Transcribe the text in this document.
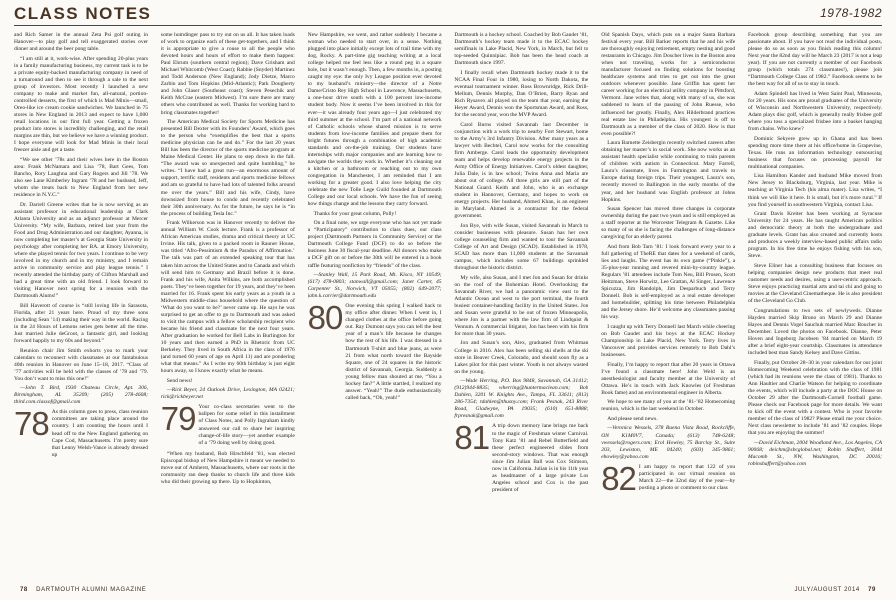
CLASS NOTES	1978-1982

and Rich Samer in the annual Zeta Psi golf outing in Hanover—to play golf and tell exaggerated stories over dinner and around the beer pong table.

“I am still at it, work-wise. After spending 20-plus years in a family manufacturing business, my current task is to be a private equity-backed manufacturing company in need of a turnaround and then to see it through a sale to the next group of investors. Most recently I launched a new company to make and market fun, all-natural, portion-controlled desserts, the first of which is Mad Minis—small, Oreo-like ice cream cookie sandwiches. We launched in 75 stores in New England in 2013 and expect to have 1,000 retail locations in our first full year. Getting a frozen product into stores is incredibly challenging, and the retail margins are thin, but we believe we have a winning product. I hope everyone will look for Mad Minis in their local freezer aisle and get a taste.

“We see other ’78s and their wives here in the Boston area: Frank McNamara and Lisa ’78, Bart Gees, Tom Bancho, Rory Laughna and Gary Rogers and Jill ’78. We also see Lane Kimberley Ingram ’78 and her husband, Jeff, whom she treats back to New England from her new residence in N.Y.C.”

Dr. Darrell Greene writes that he is now serving as an assistant professor in educational leadership at Clark Atlanta University and as an adjunct professor at Mercer University. “My wife, Barbara, retired last year from the Food and Drug Administration and our daughter, Ayanna, is now completing her master’s at Georgia State University in psychology after completing her BA. at Emory University, where she played tennis for two years. I continue to be very involved in my church and in my ministry, and I remain active in community service and play league tennis.” I recently attended the birthday party of Clifton Marshall and had a great time with an old friend. I look forward to visiting Hanover next spring for a reunion with the Dartmouth Alums!”

Bill Haverott of course is “still loving life in Sarasota, Florida, after 21 years here. Proud of my three sons (including Sean ’14) making their way in the world. Racing in the 24 Hours of Lemons series gets better all the time. Just married Julie deGroot, a fantastic girl, and looking forward happily to my 60s and beyond.”

Reunion chair Jim Smith exhorts you to mark your calendars to reconnect with classmates at our fantabulous 40th reunion in Hanover on June 15–18, 2017. “Class of ’77 activities will be held with the classes of ’78 and ’79. You don’t want to miss this one!”

—John T. Bird, 1930 Chateau Circle, Apt. 306, Birmingham, AL 35209; (205) 278-4608; tbird.com.classof@gmail.com

78 As this column goes to press, class reunion committees are taking place around the country. I am counting the hours until I head off to the New England gathering on Cape Cod, Massachusetts. I’m pretty sure that Lenny Welsh-Vance is already dressed up

some humdinger pass to try out on us all. It has taken loads of work to organize each of these get-togethers, and I think it is appropriate to give a rouse to all the people who devoted hours and hours of effort to make them happen: Paul Ehrum (southern central region); Dave Grisham and Michael Whitcomb (West Coast); Rabbie (Snyder) Martinez and Todd Anderson (New England); Jody Dietze, Marco Zarbin and Tom Hopkins (Mid-Atlantic); Park Dougherty and John Glaser (Southeast coast); Steven Pesechik and Keith McCrae (eastern Midwest). I’m sure there are many others who contributed as well. Thanks for working hard to bring classmates together!

The American Medical Society for Sports Medicine has presented Bill Dexter with its Founders’ Award, which goes to the person who “exemplifies the best that a sports medicine physician can be and do.” For the last 20 years Bill has been the director of the sports medicine program at Maine Medical Center. He plans to step down in the fall. “The award was so unexpected and quite humbling,” he writes. “I have had a great run—an enormous amount of support, terrific staff, residents and sports medicine fellows and am so grateful to have had lots of talented folks around me over the years.” Bill and his wife, Cindy, have downsized from house to condo and recently celebrated their 30th anniversary. As for the future, he says he is “in the process of building Tesla Inc.”

Frank Wilkerson was in Hanover recently to deliver the annual William W. Cook lecture. Frank is a professor of African American studies, drama and critical theory at UC Irvine. His talk, given to a packed room in Rauner House, was titled ‘Afro-Pessimism & the Paradox of Affirmation.’ The talk was part of an extended speaking tour that has taken him across the United States and to Canada and which will send him to Germany and Brazil before it is done. Frank and his wife, Anita Wilkins, are both accomplished poets. They’ve been together for 19 years, and they’ve been married for 16. Frank spent his early years as a youth in a Midwestern middle-class household where the question of ‘What do you want to be?’ never came up. He says he was surprised to get an offer to go to Dartmouth and was asked to visit the campus with a fellow scholarship recipient who became his friend and classmate for the next four years. After graduation he worked for Bell Labs in Burlington for 10 years and then earned a PhD in Rhetoric from UC Berkeley. They lived in South Africa in the class of 1976 (and turned 60 years of age on April 11) and are pondering what that means.” As I write my 60th birthday is just eight hours away, so I know exactly what he means.

Send news!

—Rick Beyer, 24 Outlook Drive, Lexington, MA 02421; rick@rickbeyer.net

79 Your co-class secretaries went to the ballpen for some relief in this installment of Class Notes, and Polly Ingraham kindly answered our call to share her inspiring change-of-life story—yet another example of a ’79 doing well by doing good.

“When my husband, Rob Hirschfeld ’81, was elected Episcopal bishop of New Hampshire it meant we needed to move out of Amherst, Massachusetts, where our roots in the community ran deep thanks to church life and three kids who did their growing up there. Up to Hopkinton,

New Hampshire, we went, and rather suddenly I became a woman who needed to start over, in a sense. Nothing plugged into place initially except lots of trail time with my dog, Rocky. A part-time gig teaching writing at a local college helped me feel less like a round peg in a square hole, but it wasn’t enough. Then, a few months in, a posting caught my eye: the only Ivy League position ever devoted to my husband’s ministry—the director of a Notre Dame/Cristo Rey High School in Lawrence, Massachusetts, a one-hour drive south with a 100 percent low-income student body. Now it seems I’ve been involved in this for ever—it was already four years ago—I just celebrated my third summer at the school. I’m part of a national network of Catholic schools whose shared mission is to serve students from low-income families and prepare them for bright futures through a combination of high academic standards and on-the-job training. Our students have internships with major companies and are learning how to navigate the worlds they work in. Whether it’s cleaning out a kitchen or a bathroom or reaching out to my own congregation in Manchester, I am reminded that I am working for a greater good. I also love helping the city celebrate the new Tolle Lege Guild founded at Dartmouth College and our local schools. We have the fun of seeing how things change and the lessons they carry forward.

Thanks for your great column, Polly!

On a final note, we urge everyone who has not yet made a “Participatory” contribution to class dues, our class project (Dartmouth Partners in Community Service) or the Dartmouth College Fund (DCF) to do so before the business June 30 fiscal-year deadline. All donors who make a DCF gift on or before the 30th will be entered in a book raffle featuring nonfiction by “friends” of the class.

—Stanley Wall, 15 Park Road, Mt. Kisco, NY 10549; (617) 478-0803; stanwall@gmail.com; Janet Carter, 45 Carpenter St., Norwich, VT 05055; (802) 649-2077; jahn.k.carrier@dartmouth.edu

80 One evening this spring I walked back to my office after dinner. When I went in, I changed clothes at the office before going out. Ray Dumont says you can tell the best year of a man’s life because he changes how the rest of his life. I was dressed in a Dartmouth T-shirt and blue jeans, as were 21 from what north toward the Bayside Square, one of 24 squares in the historic district of Savannah, Georgia. Suddenly a young fellow man shouted at me, “You a hockey fan?” A little startled, I realized my answer. “Yeah!” The dude enthusiastically called back, “Oh, yeah!”

Dartmouth is a hockey school. Coached by Bob Gaudet ’81, Dartmouth’s hockey team made it to the ECAC hockey semifinals in Lake Placid, New York, in March, but fell to top-seeded Quinnipiac. Bob has been the head coach at Dartmouth since 1997.

I finally recall when Dartmouth hockey made it to the NCAA Final Four in 1980, losing to North Dakota, the eventual tournament winner. Ross Brownridge, Rick Drill-Mellum, Dennis Murphy, Dan O’Brien, Barry Ryan and Rich Rysavex all played on the team that year, earning the Heyer Award, Dennis won the Sportsman Award, and Ross, for the second year, won the MVP Award.

Carol Burns visited Savannah last December in conjunction with a work trip to nearby Fort Stewart, home to the Army’s 3rd Infantry Division. After many years as a lawyer with Bechtel, Carol now works for the consulting firm Amberge. Carol leads the opportunity development team and helps develop renewable energy projects in the Army Office of Energy Initiatives. Carol’s oldest daughter, Julia Dale, is in law school; Twins Anna and Maria are about out of college. All three girls are still part of the National Guard. Keith and John, who is an exchange student in Hannover, Germany, and hopes to work on energy projects. Her husband, Ahmed Khan, is an engineer in Maryland. Ahmed is a contractor for the federal government.

Jon Bye, with wife Susan, visited Savannah in March to consider businesses with pleasure. Susan has her own college counseling firm and wanted to tour the Savannah College of Art and Design (SCAD). Established in 1978, SCAD has more than 11,000 students at the Savannah campus, which includes some 67 buildings sprinkled throughout the historic district.

My wife, also Susan, and I met Jon and Susan for drinks on the roof of the Bohemian Hotel. Overlooking the Savannah River, we had a panoramic view east to the Atlantic Ocean and west to the port terminal, the fourth busiest container-handling facility in the United States. Jon and Susan were grateful to be out of frozen Minneapolis, where Jon is a partner with the law firm of Lindquist & Vennum. A commercial litigator, Jon has been with his firm for more than 30 years.

Jon and Susan’s son, Alex, graduated from Whitman College in 2016. Alex has been selling ski shells at the ski store in Beaver Creek, Colorado, and should soon fly as a Lakes pilot for this past winter. Youth is not always wasted on the young.

—Wade Herring, P.O. Box 9848, Savannah, GA 31412; (912)944-8835; wherring@huntermaclean.com; Bob Dahlen, 3201 W. Knights Ave., Tampa, FL 33611; (813) 286-7354; rdahlen@thusny.com; Frank Pesnak, 243 River Road, Gladwyne, PA 19035; (610) 651-8888; frpresnak@gmail.com

81 A trip down memory lane brings me back to the magic of Freshman winter Carnival. Tony Katz ’81 and Rebel Butterfield and these perfect engineered slides from second-story windows. That was enough since Jim Julian Ball was Cox Stimson, now in California. Julian is in his 11th year as headmaster of a large private Los Angeles school and Cox is the past president of

Old Spanish Days, which puts on a major Santa Barbara festival every year. Bill Barker reports that he and his wife are thoroughly enjoying retirement, empty nesting and good restaurants in Chicago. Jim Doscher lives in the Boston area when not traveling, works for a semiconductor manufacturer focused on finding solutions for boosting healthcare systems and tries to get out into the great outdoors whenever possible. Jane Griffin has spent her career working for an electrical utility company in Pittsford, Vermont. Jane writes that, along with many of us, she was saddened to learn of the passing of John Ruesse, who influenced her greatly. Finally, Alex Hilderbrand practices real estate law in Philadelphia. His youngest is off to Dartmouth as a member of the class of 2020. How is that even possible?!

Laura Barnette Zeisbergin recently switched careers after obtaining her master’s in social work. She now works as an assistant health specialist while continuing to train parents of children with autism in Connecticut. Mary Farrell, Laura’s classmate, lives in Farmington and travels to Europe during foreign trips. Their youngest, Laura’s son, recently moved to Ballington in the early months of the year, and her husband was English professor at Johns Hopkins.

Susan Spencer has moved three changes in corporate ownership during the past two years and is still employed as a staff reporter at the Worcester Telegram & Gazette. Like so many of us she is facing the challenges of long-distance caregiving for an elderly parent.

And from Bob Tarn ’81: I look forward every year to a full gathering of TheRE that dates for a weekend of cards, lies and laughs. The event has its own game (“Pinkle”), a 35-plus-year running and revered mini-by-country league. Regulars ’81 attendees include Tom Neu, Bill Prosen, Scott Heitzman, Steve Horwitz, Lee Grattan, Al Singer, Lawrence Spicuzza, Jim Randolph, Jim Desparbuch and Terry Donnell. Bob is self-employed as a real estate developer and homebuilder, splitting his time between Philadelphia and the Jersey shore. He’d welcome any classmates passing his way.

I caught up with Terry Donnell last March while cheering on Bob Gaudet and his boys at the ECAC Hockey Championship in Lake Placid, New York. Terry lives in Vancouver and provides services remotely to Bob Dahl’s businesses.

Finally, I’m happy to report that after 20 years in Ottawa I’ve found a classmate here! John Weld is an anesthesiologist and faculty member at the University of Ottawa. He’s in touch with Jack Knowles (of Freshman Book fame) and an environmental engineer in Alberta.

We hope to see many of you at the ’81-’82 Homecoming reunion, which is the last weekend in October.

And please send news.

—Veronica Wessels, 378 Buena Vista Road, Rockcliffe, ON K1M0V7, Canada; (613) 748-6248; vwessels@rogers.com; Erol Howley, 75 Barclay St., Suite 203, Lewiston, ME 04240; (603) 345-9861; ehowley@yahoo.com

82 I am happy to report that 122 of you participated in our virtual reunion on March 22—the 32nd day of the year—by posting a photo or comment to our class

Facebook group describing something that you are passionate about. If you have not read the individual posts, please do so as soon as you finish reading this column! Next year the 82nd day will be March 23 (2017 is not a leap year). If you are not currently a member of our Facebook group (which totals 274 classmates!), please join “Dartmouth College Class of 1982.” Facebook seems to be the best way for all of us to stay in touch.

Adam Spindell has lived in West Saint Paul, Minnesota, for 20 years. His sons are proud graduates of the University of Wisconsin and Northwestern University, respectively. Adam plays disc golf, which is generally really frisbee golf where you toss a specialized frisbee into a basket hanging from chains. Who knew?

Dominic Sekyere grew up in Ghana and has been spending more time there at his office/home in Grapevine, Texas. He runs an information technology outsourcing business that focuses on processing payroll for multinational companies.

Lisa Hamilton Kander and husband Mike moved from New Jersey to Blacksburg, Virginia, last year. Mike is teaching at Virginia Tech (his alma mater). Lisa writes, “I think we will like it here. It is small, but it’s more rural.” If you find yourself in southwestern Virginia, contact Lisa.

Grant Davis Kreiter has been working at Syracuse University for 24 years. He has taught American politics and democratic theory at both the undergraduate and graduate levels. Grant has also created and currently hosts and produces a weekly interview-based public affairs radio program. In his free time he enjoys fishing with his son, Steve.

Steve Eliner has a consulting business that focuses on helping companies design new products that meet real customer needs and desires, using a user-centric approach. Steve enjoys practicing martial arts and tai chi and going to movies at the Cleveland Cinematheque. He is also president of the Cleveland Go Club.

Congratulations to two sets of newlyweds. Dianne Hayden married Skip Bruno on March 29 and Dianne Hayes and Dennis Vogel Sauchuk married Marc Boucher in December. Loved the photos on Facebook. Dianne, Peter Hoven and Ingeborg Jacobsen ’84 married on March 19 after a brief eight-year courtship. Classmates in attendance included best man Sandy Kelsey and Dave Gittins.

Finally, put October 28–30 in your calendars for our joint Homecoming Weekend celebration with the class of 1981 (which had its reunions were the class of 1981). Thanks to Ann Haultier and Charlie Watson for helping to coordinate the events, which will include a party at the DOC House on October 29 after the Dartmouth-Cornell football game. Please check our Facebook page for more details. We want to kick off the event with a contest. Who is your favorite member of the class of 1982? Please email me your choice. Next class newsletter to include ’81 and ’82 couples. Hope that you are enjoying the summer!

—David Eichman, 2004 Woodland Ave., Los Angeles, CA 90068; deichm@sbcglobal.net; Robin Shaffert, 3044 Macomb St., NW, Washington, DC 20016; robinshaffert@yahoo.com

78 DARTMOUTH ALUMNI MAGAZINE	JULY/AUGUST 2014 79
